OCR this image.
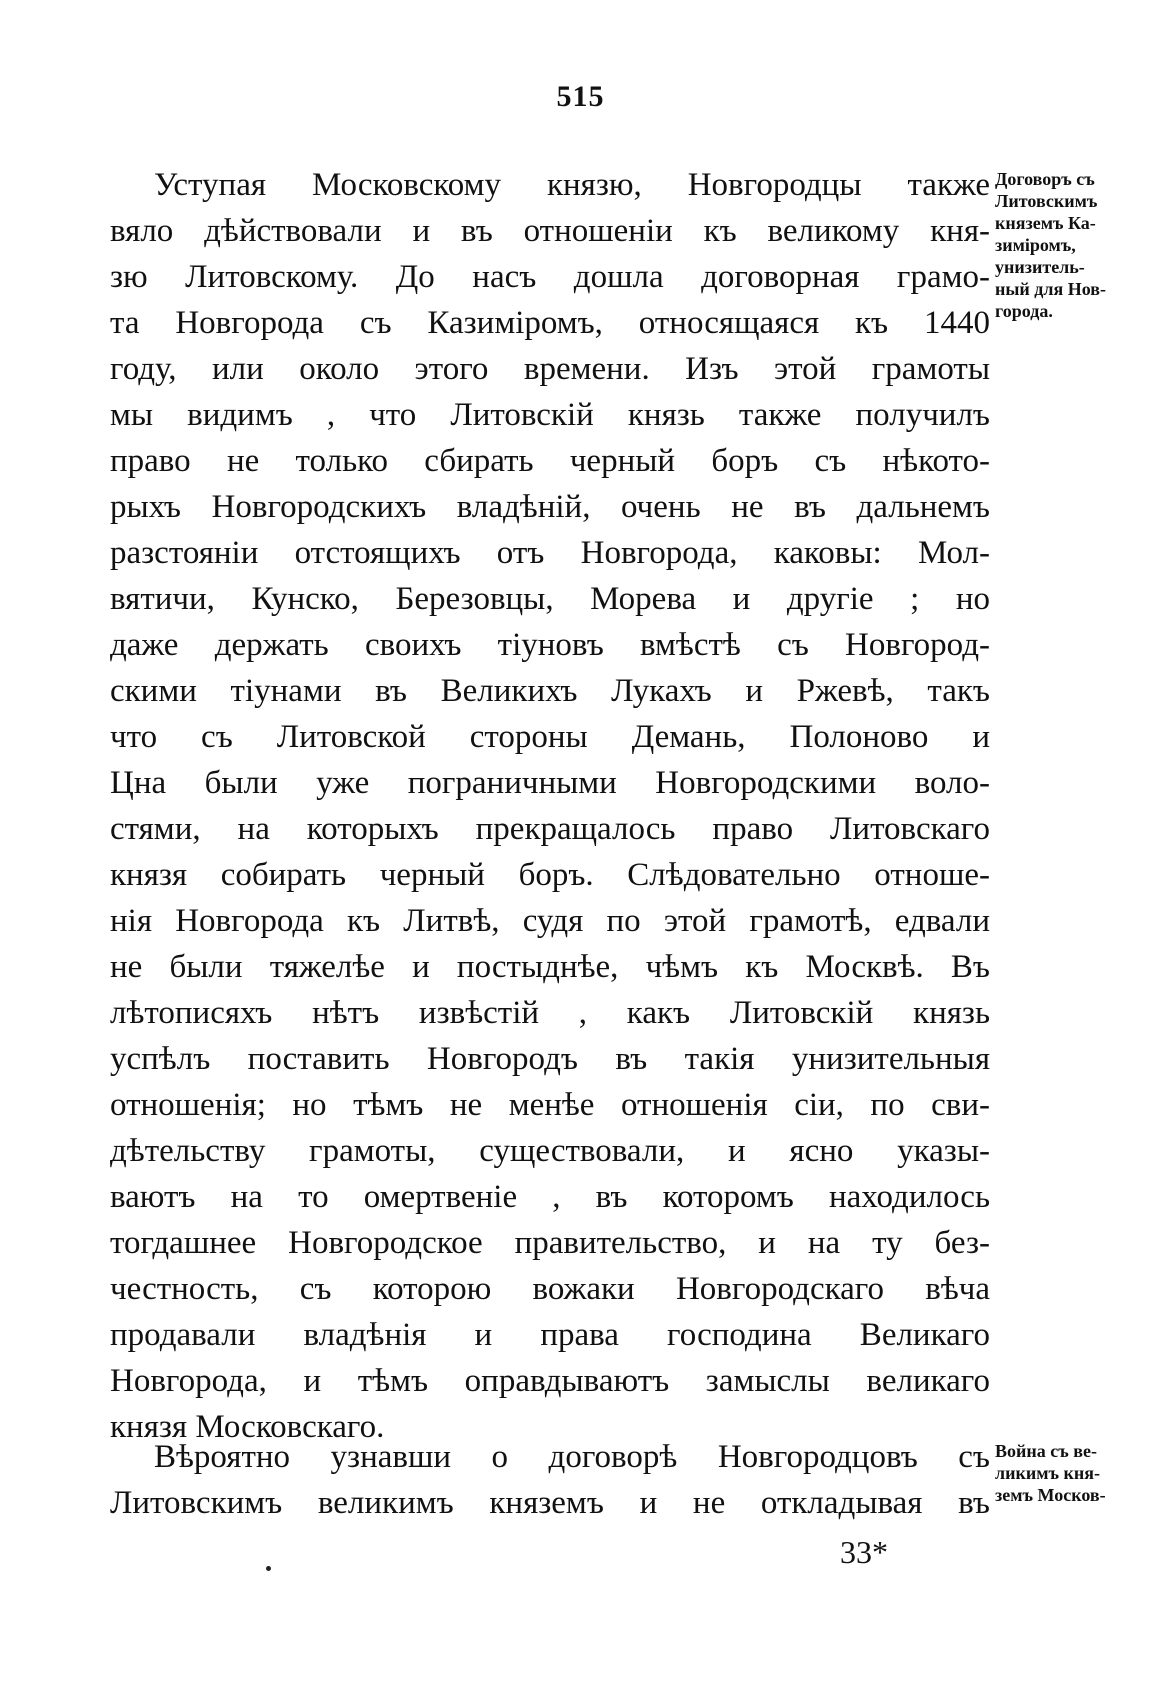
515
Уступая Московскому князю, Новгородцы также
вяло дѣйствовали и въ отношеніи къ великому кня-
зю Литовскому. До насъ дошла договорная грамо-
та Новгорода съ Казиміромъ, относящаяся къ 1440
году, или около этого времени. Изъ этой грамоты
мы видимъ , что Литовскій князь также получилъ
право не только сбирать черный боръ съ нѣкото-
рыхъ Новгородскихъ владѣній, очень не въ дальнемъ
разстояніи отстоящихъ отъ Новгорода, каковы: Мол-
вятичи, Кунско, Березовцы, Морева и другіе ; но
даже держать своихъ тіуновъ вмѣстѣ съ Новгород-
скими тіунами въ Великихъ Лукахъ и Ржевѣ, такъ
что съ Литовской стороны Демань, Полоново и
Цна были уже пограничными Новгородскими воло-
стями, на которыхъ прекращалось право Литовскаго
князя собирать черный боръ. Слѣдовательно отноше-
нія Новгорода къ Литвѣ, судя по этой грамотѣ, едвали
не были тяжелѣе и постыднѣе, чѣмъ къ Москвѣ. Въ
лѣтописяхъ нѣтъ извѣстій , какъ Литовскій князь
успѣлъ поставить Новгородъ въ такія унизительныя
отношенія; но тѣмъ не менѣе отношенія сіи, по сви-
дѣтельству грамоты, существовали, и ясно указы-
ваютъ на то омертвеніе , въ которомъ находилось
тогдашнее Новгородское правительство, и на ту без-
честность, съ которою вожаки Новгородскаго вѣча
продавали владѣнія и права господина Великаго
Новгорода, и тѣмъ оправдываютъ замыслы великаго
князя Московскаго.
Вѣроятно узнавши о договорѣ Новгородцовъ съ
Литовскимъ великимъ княземъ и не откладывая въ
Договоръ съ
Литовскимъ
княземъ Ка-
зиміромъ,
унизитель-
ный для Нов-
города.
Война съ ве-
ликимъ кня-
земъ Москов-
33*
